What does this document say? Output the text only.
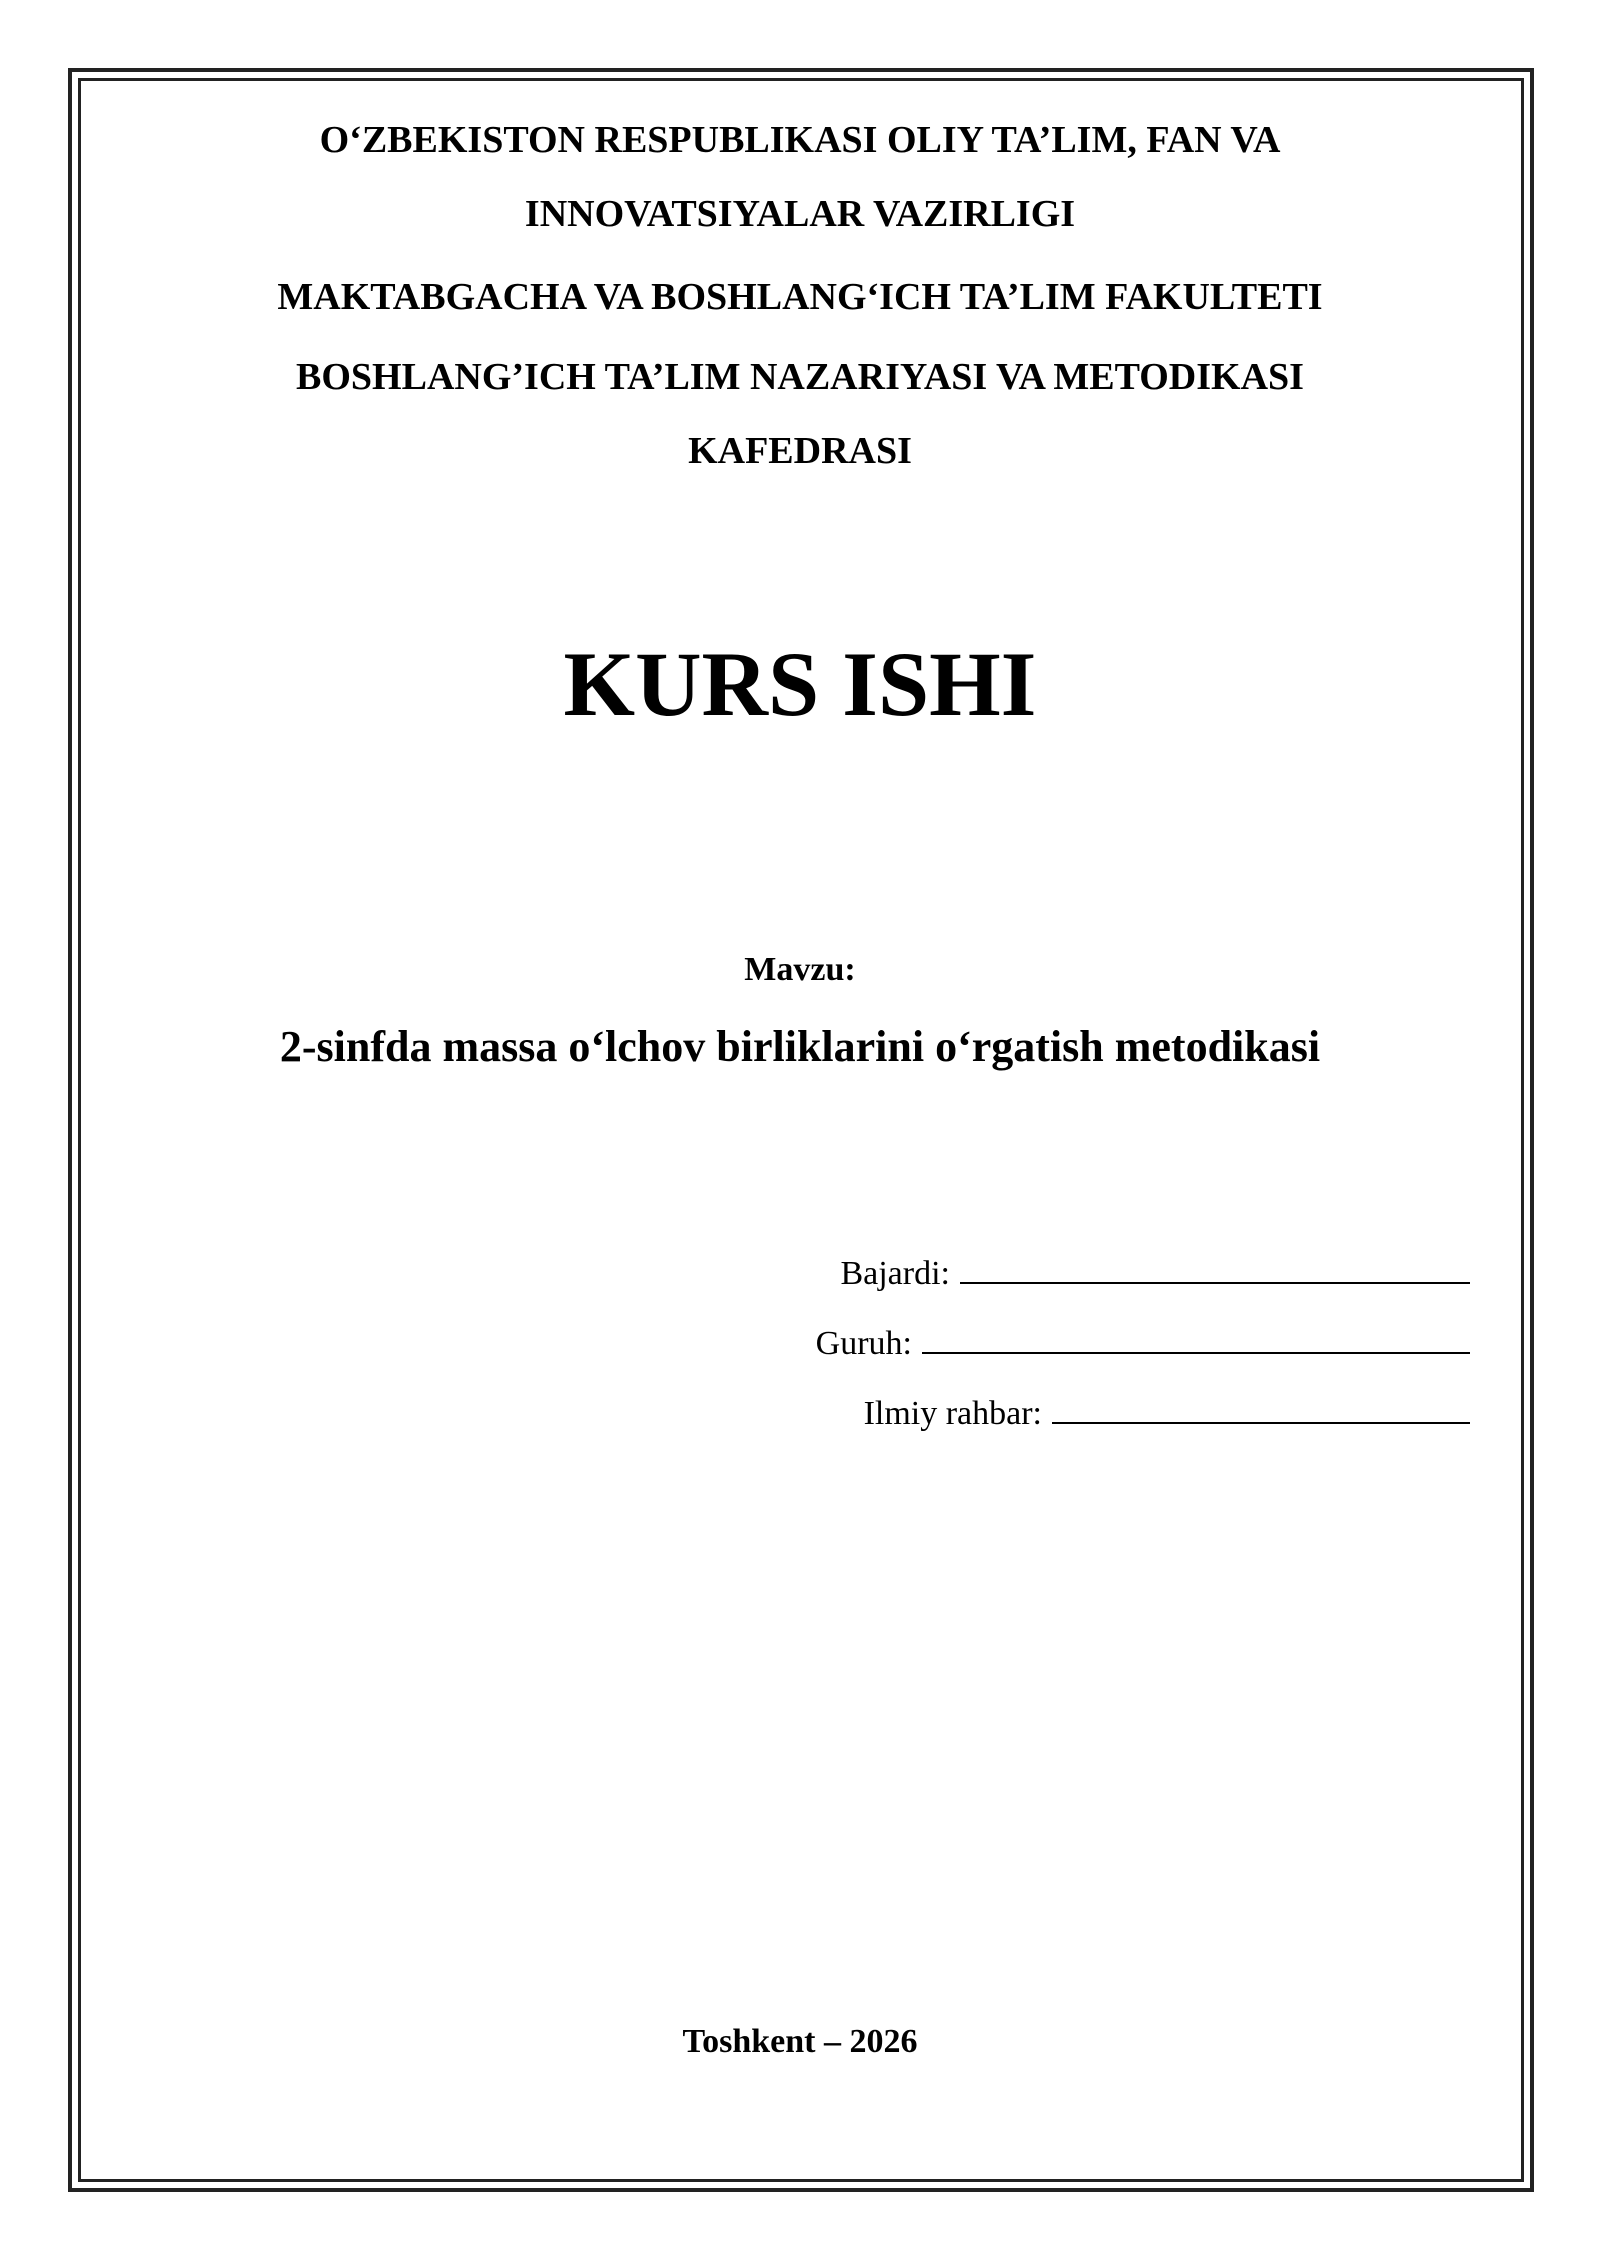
O‘ZBEKISTON RESPUBLIKASI OLIY TA’LIM, FAN VA
INNOVATSIYALAR VAZIRLIGI
MAKTABGACHA VA BOSHLANG‘ICH TA’LIM FAKULTETI
BOSHLANG’ICH TA’LIM NAZARIYASI VA METODIKASI
KAFEDRASI
KURS ISHI
Mavzu:
2-sinfda massa o‘lchov birliklarini o‘rgatish metodikasi
Bajardi:
Guruh:
Ilmiy rahbar:
Toshkent – 2026
